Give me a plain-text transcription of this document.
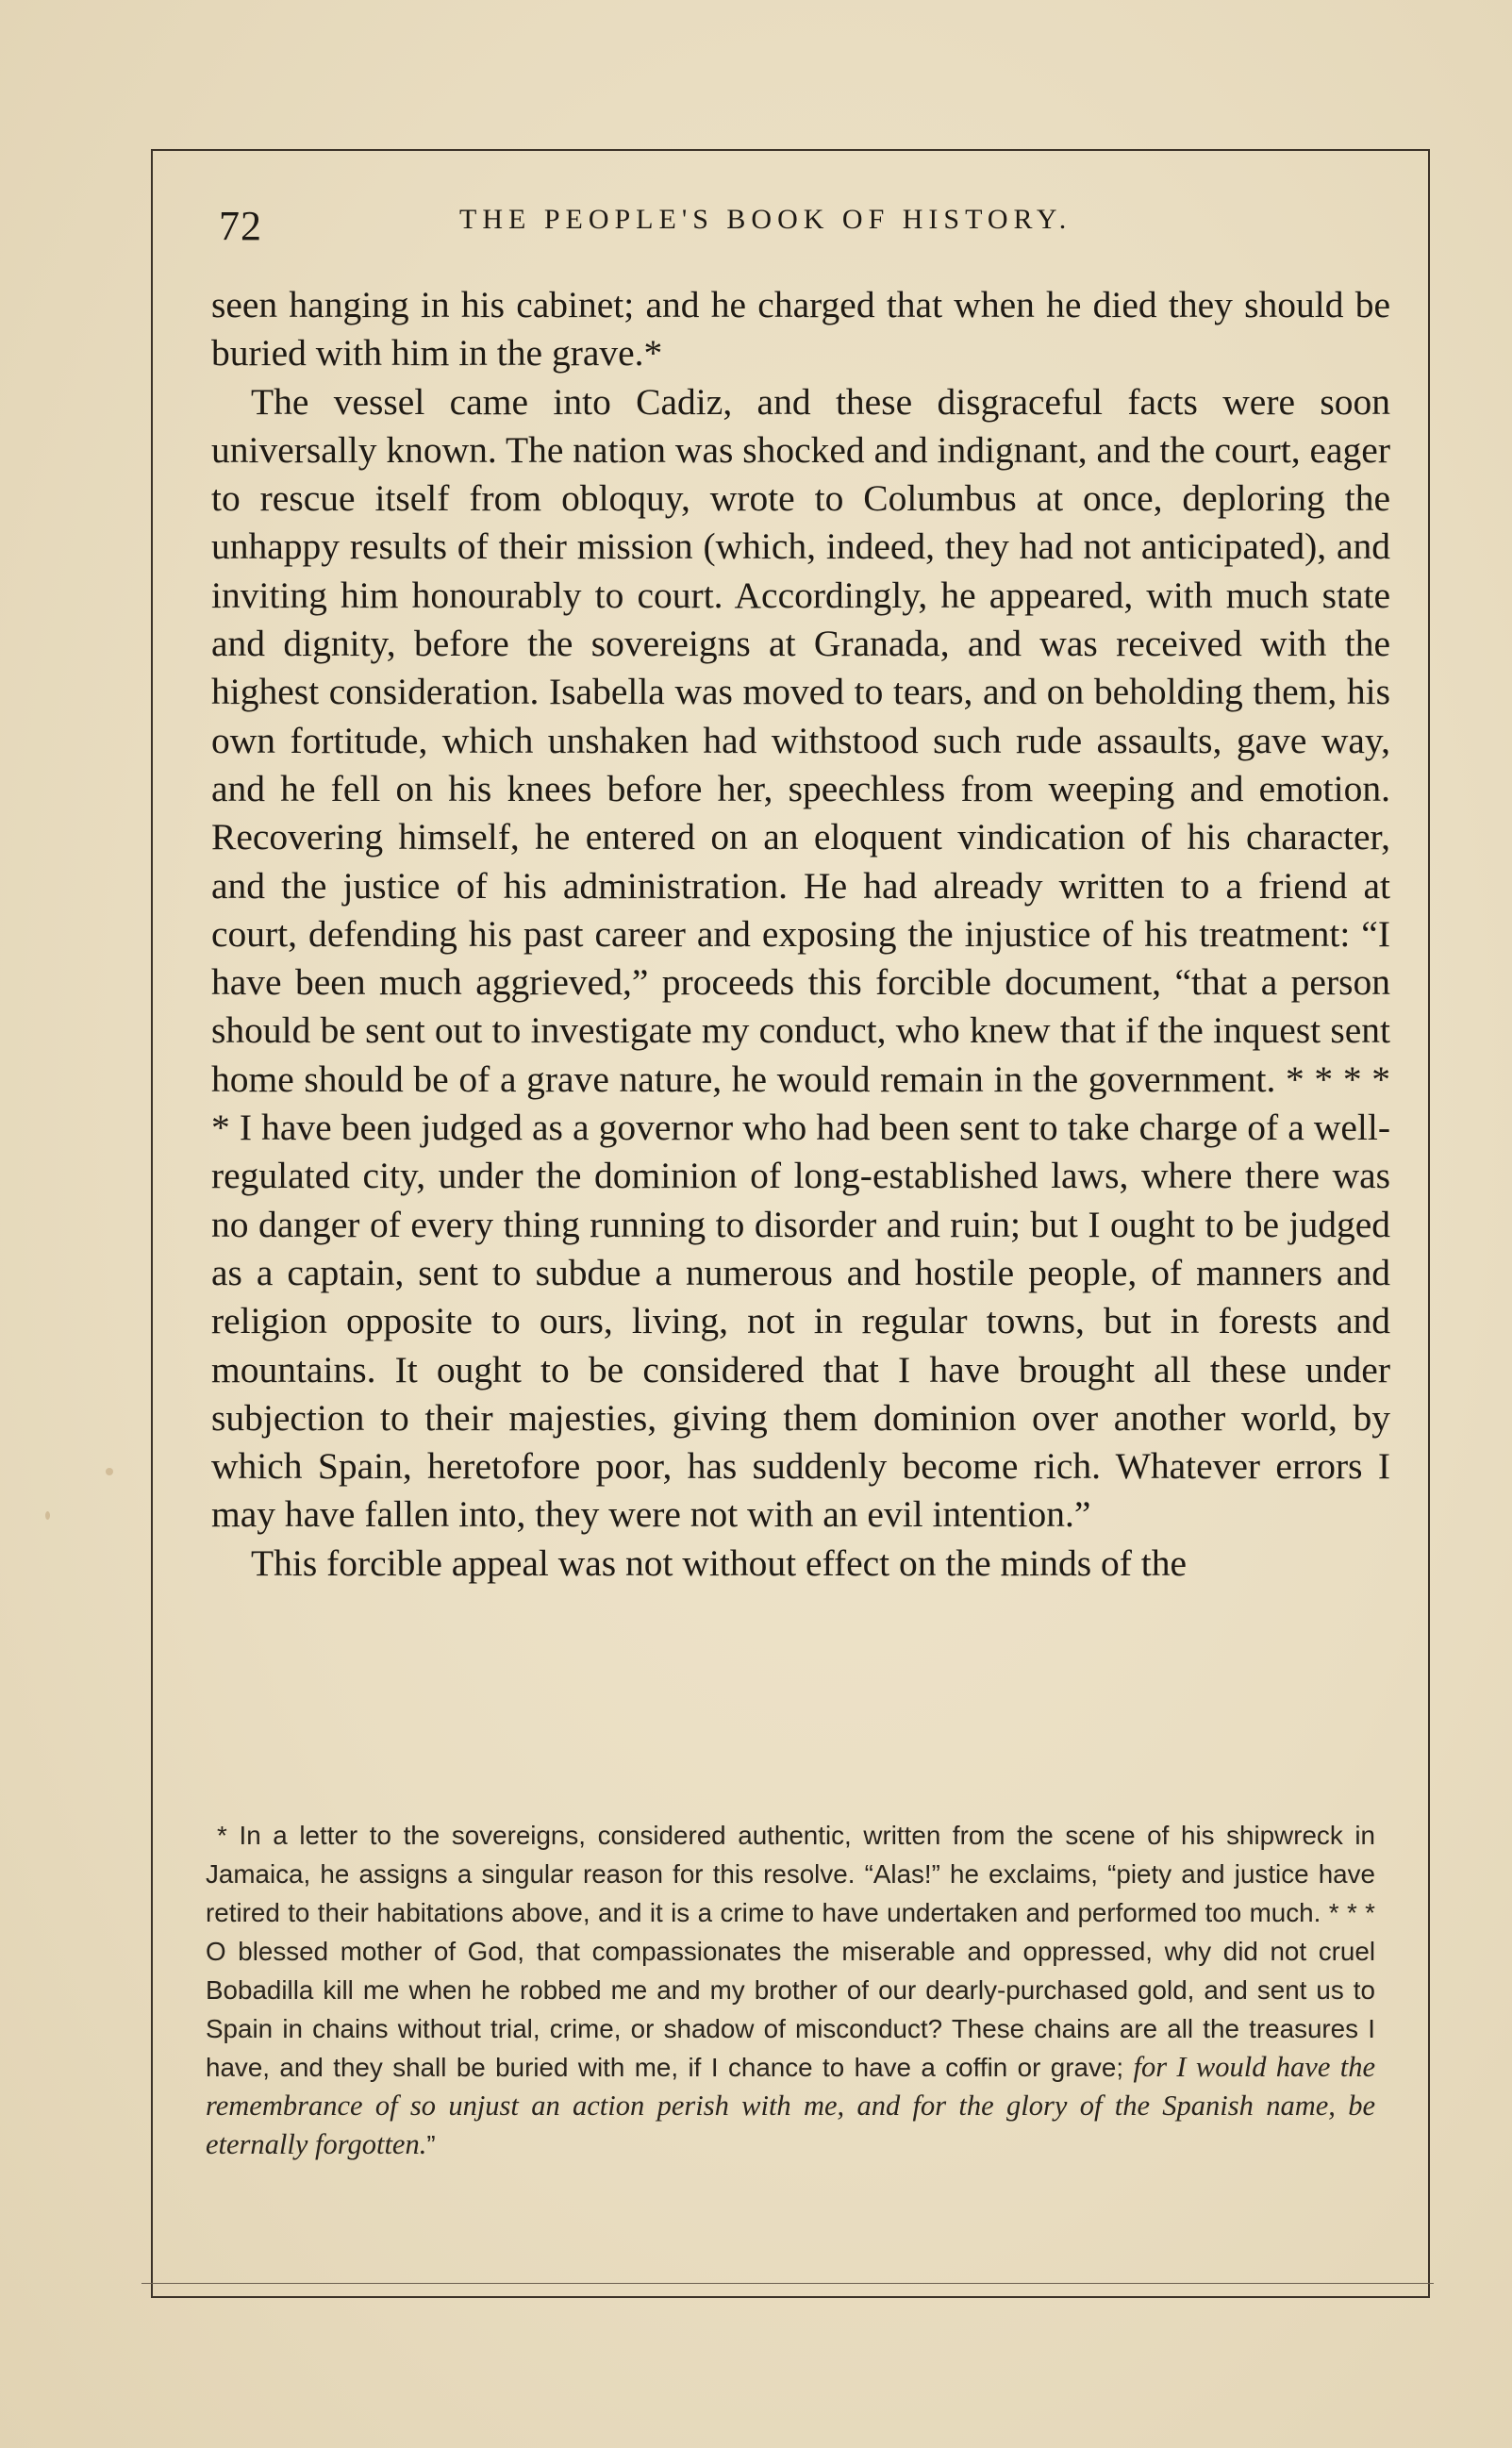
72	THE PEOPLE'S BOOK OF HISTORY.

seen hanging in his cabinet; and he charged that when he died they should be buried with him in the grave.*

The vessel came into Cadiz, and these disgraceful facts were soon universally known. The nation was shocked and indignant, and the court, eager to rescue itself from obloquy, wrote to Columbus at once, deploring the unhappy results of their mission (which, indeed, they had not anticipated), and inviting him honourably to court. Accordingly, he appeared, with much state and dignity, before the sovereigns at Granada, and was received with the highest consideration. Isabella was moved to tears, and on beholding them, his own fortitude, which unshaken had withstood such rude assaults, gave way, and he fell on his knees before her, speechless from weeping and emotion. Recovering himself, he entered on an eloquent vindication of his character, and the justice of his administration. He had already written to a friend at court, defending his past career and exposing the injustice of his treatment: “I have been much aggrieved,” proceeds this forcible document, “that a person should be sent out to investigate my conduct, who knew that if the inquest sent home should be of a grave nature, he would remain in the government. * * * * * I have been judged as a governor who had been sent to take charge of a well-regulated city, under the dominion of long-established laws, where there was no danger of every thing running to disorder and ruin; but I ought to be judged as a captain, sent to subdue a numerous and hostile people, of manners and religion opposite to ours, living, not in regular towns, but in forests and mountains. It ought to be considered that I have brought all these under subjection to their majesties, giving them dominion over another world, by which Spain, heretofore poor, has suddenly become rich. Whatever errors I may have fallen into, they were not with an evil intention.”

This forcible appeal was not without effect on the minds of the

* In a letter to the sovereigns, considered authentic, written from the scene of his shipwreck in Jamaica, he assigns a singular reason for this resolve. “Alas!” he exclaims, “piety and justice have retired to their habitations above, and it is a crime to have undertaken and performed too much. * * * O blessed mother of God, that compassionates the miserable and oppressed, why did not cruel Bobadilla kill me when he robbed me and my brother of our dearly-purchased gold, and sent us to Spain in chains without trial, crime, or shadow of misconduct? These chains are all the treasures I have, and they shall be buried with me, if I chance to have a coffin or grave; for I would have the remembrance of so unjust an action perish with me, and for the glory of the Spanish name, be eternally forgotten.”
